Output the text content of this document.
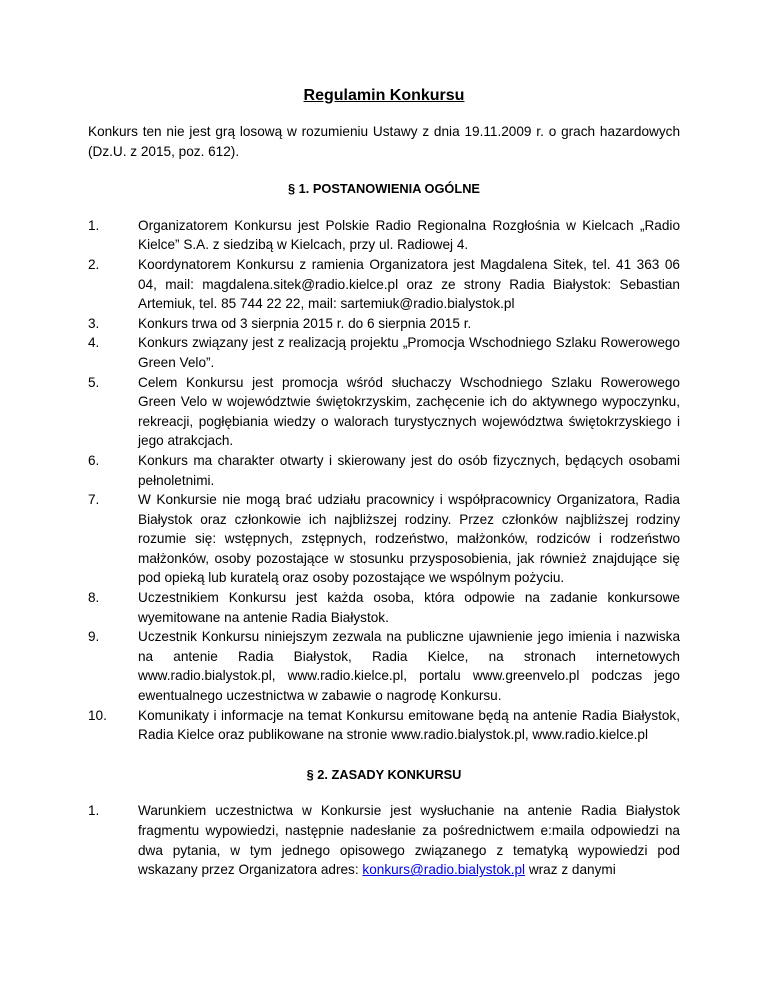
Regulamin Konkursu

Konkurs ten nie jest grą losową w rozumieniu Ustawy z dnia 19.11.2009 r. o grach hazardowych (Dz.U. z 2015, poz. 612).

§ 1. POSTANOWIENIA OGÓLNE
1.	Organizatorem Konkursu jest Polskie Radio Regionalna Rozgłośnia w Kielcach „Radio Kielce” S.A. z siedzibą w Kielcach, przy ul. Radiowej 4.
2.	Koordynatorem Konkursu z ramienia Organizatora jest Magdalena Sitek, tel. 41 363 06 04, mail: magdalena.sitek@radio.kielce.pl oraz ze strony Radia Białystok: Sebastian Artemiuk, tel. 85 744 22 22, mail: sartemiuk@radio.bialystok.pl
3.	Konkurs trwa od 3 sierpnia 2015 r. do 6 sierpnia 2015 r.
4.	Konkurs związany jest z realizacją projektu „Promocja Wschodniego Szlaku Rowerowego Green Velo”.
5.	Celem Konkursu jest promocja wśród słuchaczy Wschodniego Szlaku Rowerowego Green Velo w województwie świętokrzyskim, zachęcenie ich do aktywnego wypoczynku, rekreacji, pogłębiania wiedzy o walorach turystycznych województwa świętokrzyskiego i jego atrakcjach.
6.	Konkurs ma charakter otwarty i skierowany jest do osób fizycznych, będących osobami pełnoletnimi.
7.	W Konkursie nie mogą brać udziału pracownicy i współpracownicy Organizatora, Radia Białystok oraz członkowie ich najbliższej rodziny. Przez członków najbliższej rodziny rozumie się: wstępnych, zstępnych, rodzeństwo, małżonków, rodziców i rodzeństwo małżonków, osoby pozostające w stosunku przysposobienia, jak również znajdujące się pod opieką lub kuratelą oraz osoby pozostające we wspólnym pożyciu.
8.	Uczestnikiem Konkursu jest każda osoba, która odpowie na zadanie konkursowe wyemitowane na antenie Radia Białystok.
9.	Uczestnik Konkursu niniejszym zezwala na publiczne ujawnienie jego imienia i nazwiska na antenie Radia Białystok, Radia Kielce, na stronach internetowych www.radio.bialystok.pl, www.radio.kielce.pl, portalu www.greenvelo.pl podczas jego ewentualnego uczestnictwa w zabawie o nagrodę Konkursu.
10.	Komunikaty i informacje na temat Konkursu emitowane będą na antenie Radia Białystok, Radia Kielce oraz publikowane na stronie www.radio.bialystok.pl, www.radio.kielce.pl
§ 2. ZASADY KONKURSU
1.	Warunkiem uczestnictwa w Konkursie jest wysłuchanie na antenie Radia Białystok fragmentu wypowiedzi, następnie nadesłanie za pośrednictwem e:maila odpowiedzi na dwa pytania, w tym jednego opisowego związanego z tematyką wypowiedzi pod wskazany przez Organizatora adres: konkurs@radio.bialystok.pl wraz z danymi
